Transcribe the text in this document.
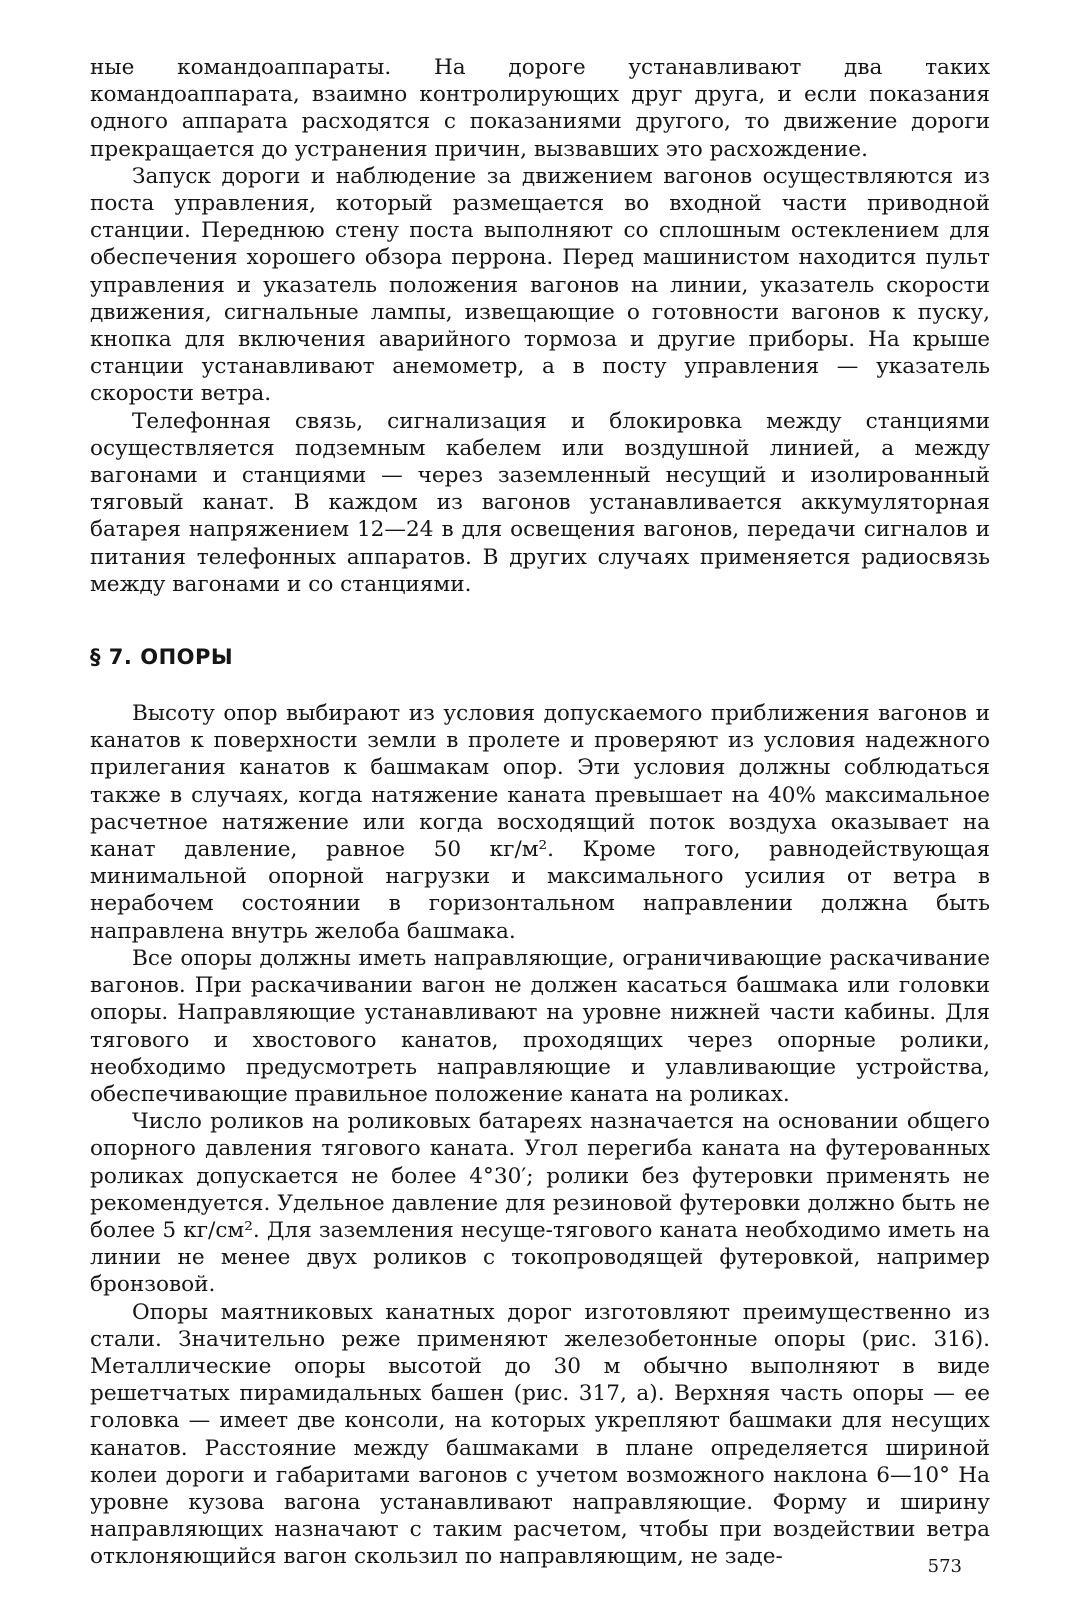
ные командоаппараты. На дороге устанавливают два таких командоаппарата, взаимно контролирующих друг друга, и если показания одного аппарата расходятся с показаниями другого, то движение дороги прекращается до устранения причин, вызвавших это расхождение.

Запуск дороги и наблюдение за движением вагонов осуществляются из поста управления, который размещается во входной части приводной станции. Переднюю стену поста выполняют со сплошным остеклением для обеспечения хорошего обзора перрона. Перед машинистом находится пульт управления и указатель положения вагонов на линии, указатель скорости движения, сигнальные лампы, извещающие о готовности вагонов к пуску, кнопка для включения аварийного тормоза и другие приборы. На крыше станции устанавливают анемометр, а в посту управления — указатель скорости ветра.

Телефонная связь, сигнализация и блокировка между станциями осуществляется подземным кабелем или воздушной линией, а между вагонами и станциями — через заземленный несущий и изолированный тяговый канат. В каждом из вагонов устанавливается аккумуляторная батарея напряжением 12—24 в для освещения вагонов, передачи сигналов и питания телефонных аппаратов. В других случаях применяется радиосвязь между вагонами и со станциями.

§ 7. ОПОРЫ

Высоту опор выбирают из условия допускаемого приближения вагонов и канатов к поверхности земли в пролете и проверяют из условия надежного прилегания канатов к башмакам опор. Эти условия должны соблюдаться также в случаях, когда натяжение каната превышает на 40% максимальное расчетное натяжение или когда восходящий поток воздуха оказывает на канат давление, равное 50 кг/м². Кроме того, равнодействующая минимальной опорной нагрузки и максимального усилия от ветра в нерабочем состоянии в горизонтальном направлении должна быть направлена внутрь желоба башмака.

Все опоры должны иметь направляющие, ограничивающие раскачивание вагонов. При раскачивании вагон не должен касаться башмака или головки опоры. Направляющие устанавливают на уровне нижней части кабины. Для тягового и хвостового канатов, проходящих через опорные ролики, необходимо предусмотреть направляющие и улавливающие устройства, обеспечивающие правильное положение каната на роликах.

Число роликов на роликовых батареях назначается на основании общего опорного давления тягового каната. Угол перегиба каната на футерованных роликах допускается не более 4°30′; ролики без футеровки применять не рекомендуется. Удельное давление для резиновой футеровки должно быть не более 5 кг/см². Для заземления несуще-тягового каната необходимо иметь на линии не менее двух роликов с токопроводящей футеровкой, например бронзовой.

Опоры маятниковых канатных дорог изготовляют преимущественно из стали. Значительно реже применяют железобетонные опоры (рис. 316). Металлические опоры высотой до 30 м обычно выполняют в виде решетчатых пирамидальных башен (рис. 317, а). Верхняя часть опоры — ее головка — имеет две консоли, на которых укрепляют башмаки для несущих канатов. Расстояние между башмаками в плане определяется шириной колеи дороги и габаритами вагонов с учетом возможного наклона 6—10° На уровне кузова вагона устанавливают направляющие. Форму и ширину направляющих назначают с таким расчетом, чтобы при воздействии ветра отклоняющийся вагон скользил по направляющим, не заде-	573
